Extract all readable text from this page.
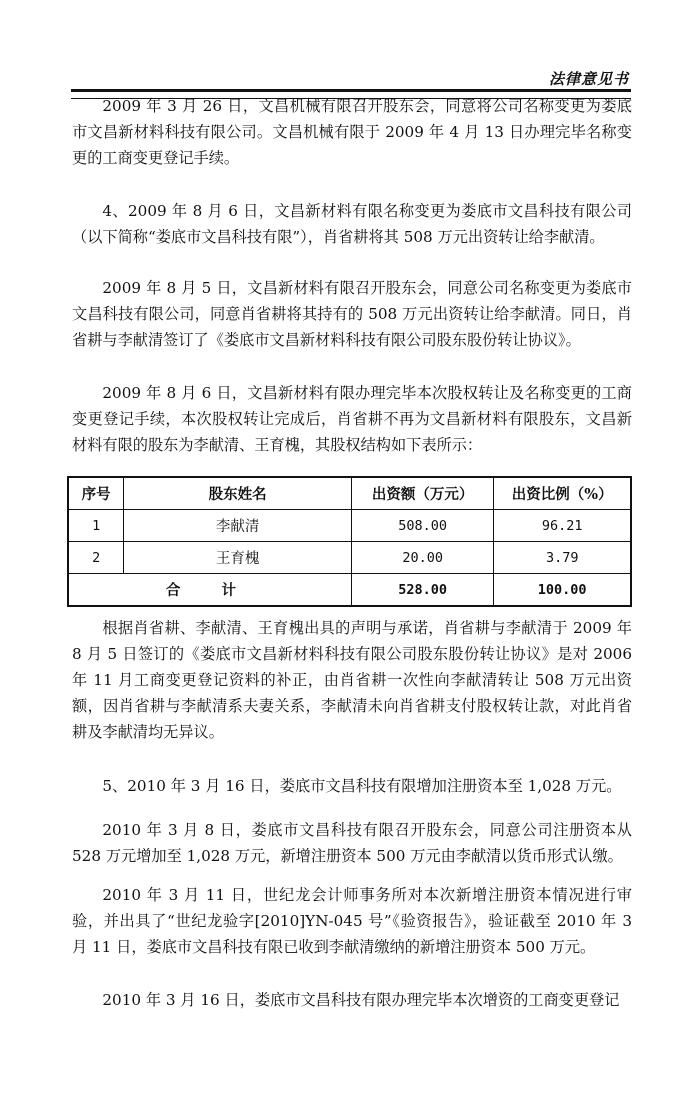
法律意见书

2009 年 3 月 26 日，文昌机械有限召开股东会，同意将公司名称变更为娄底市文昌新材料科技有限公司。文昌机械有限于 2009 年 4 月 13 日办理完毕名称变更的工商变更登记手续。

4、2009 年 8 月 6 日，文昌新材料有限名称变更为娄底市文昌科技有限公司（以下简称“娄底市文昌科技有限”），肖省耕将其 508 万元出资转让给李献清。

2009 年 8 月 5 日，文昌新材料有限召开股东会，同意公司名称变更为娄底市文昌科技有限公司，同意肖省耕将其持有的 508 万元出资转让给李献清。同日，肖省耕与李献清签订了《娄底市文昌新材料科技有限公司股东股份转让协议》。

2009 年 8 月 6 日，文昌新材料有限办理完毕本次股权转让及名称变更的工商变更登记手续，本次股权转让完成后，肖省耕不再为文昌新材料有限股东，文昌新材料有限的股东为李献清、王育槐，其股权结构如下表所示：

序号	股东姓名	出资额（万元）	出资比例（%）
1	李献清	508.00	96.21
2	王育槐	20.00	3.79
合 计		528.00	100.00

根据肖省耕、李献清、王育槐出具的声明与承诺，肖省耕与李献清于 2009 年 8 月 5 日签订的《娄底市文昌新材料科技有限公司股东股份转让协议》是对 2006 年 11 月工商变更登记资料的补正，由肖省耕一次性向李献清转让 508 万元出资额，因肖省耕与李献清系夫妻关系，李献清未向肖省耕支付股权转让款，对此肖省耕及李献清均无异议。

5、2010 年 3 月 16 日，娄底市文昌科技有限增加注册资本至 1,028 万元。

2010 年 3 月 8 日，娄底市文昌科技有限召开股东会，同意公司注册资本从 528 万元增加至 1,028 万元，新增注册资本 500 万元由李献清以货币形式认缴。

2010 年 3 月 11 日，世纪龙会计师事务所对本次新增注册资本情况进行审验，并出具了“世纪龙验字[2010]YN-045 号”《验资报告》，验证截至 2010 年 3 月 11 日，娄底市文昌科技有限已收到李献清缴纳的新增注册资本 500 万元。

2010 年 3 月 16 日，娄底市文昌科技有限办理完毕本次增资的工商变更登记
